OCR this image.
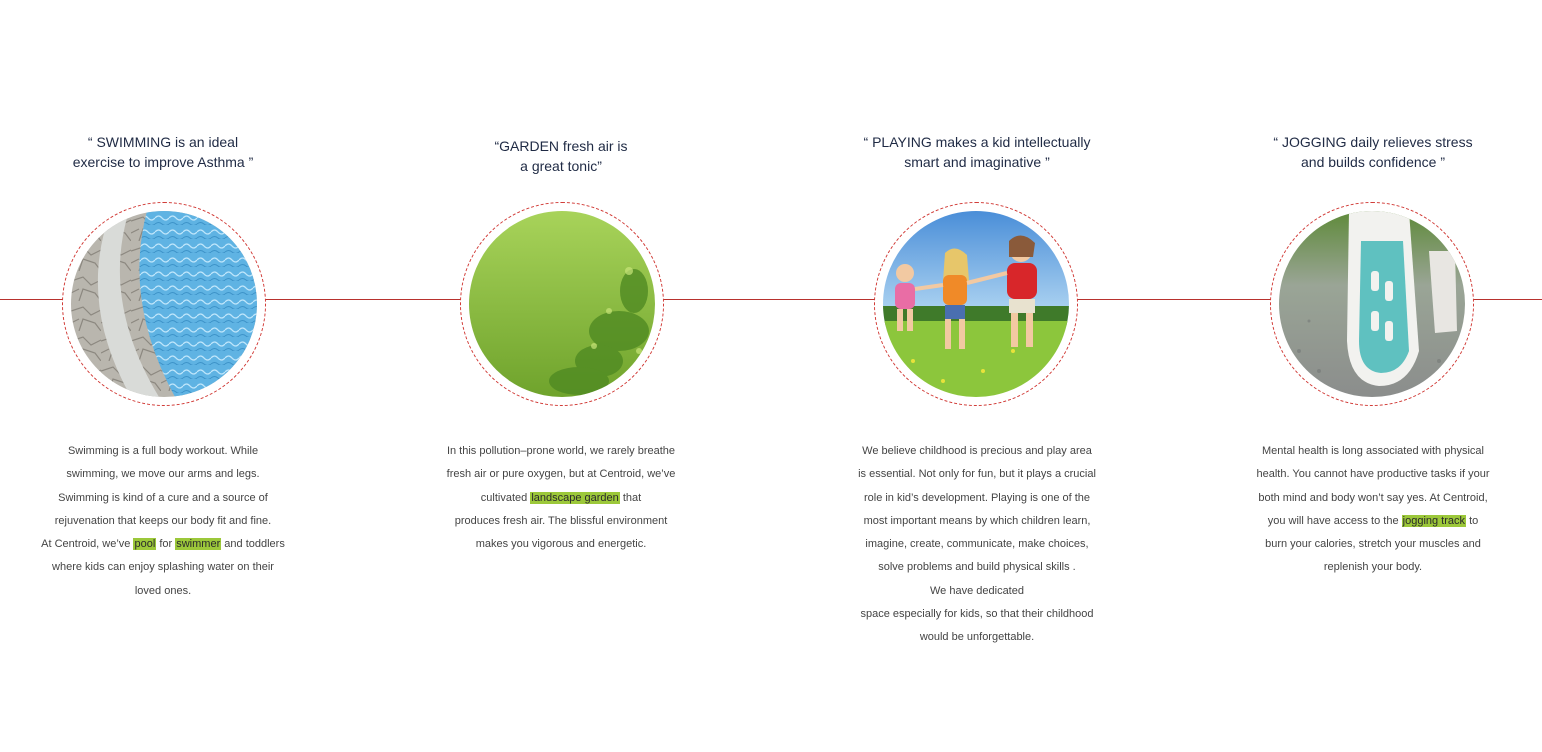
“ SWIMMING is an ideal
exercise to improve Asthma ”
Swimming is a full body workout. While
swimming, we move our arms and legs.
Swimming is kind of a cure and a source of
rejuvenation that keeps our body fit and fine.
At Centroid, we’ve pool for swimmer and toddlers
where kids can enjoy splashing water on their
loved ones.
“GARDEN fresh air is
a great tonic”
In this pollution–prone world, we rarely breathe
fresh air or pure oxygen, but at Centroid, we’ve
cultivated landscape garden that
produces fresh air. The blissful environment
makes you vigorous and energetic.
“ PLAYING makes a kid intellectually
smart and imaginative ”
We believe childhood is precious and play area
is essential. Not only for fun, but it plays a crucial
role in kid’s development. Playing is one of the
most important means by which children learn,
imagine, create, communicate, make choices,
solve problems and build physical skills .
We have dedicated
space especially for kids, so that their childhood
would be unforgettable.
“ JOGGING daily relieves stress
and builds confidence ”
Mental health is long associated with physical
health. You cannot have productive tasks if your
both mind and body won’t say yes. At Centroid,
you will have access to the jogging track to
burn your calories, stretch your muscles and
replenish your body.
